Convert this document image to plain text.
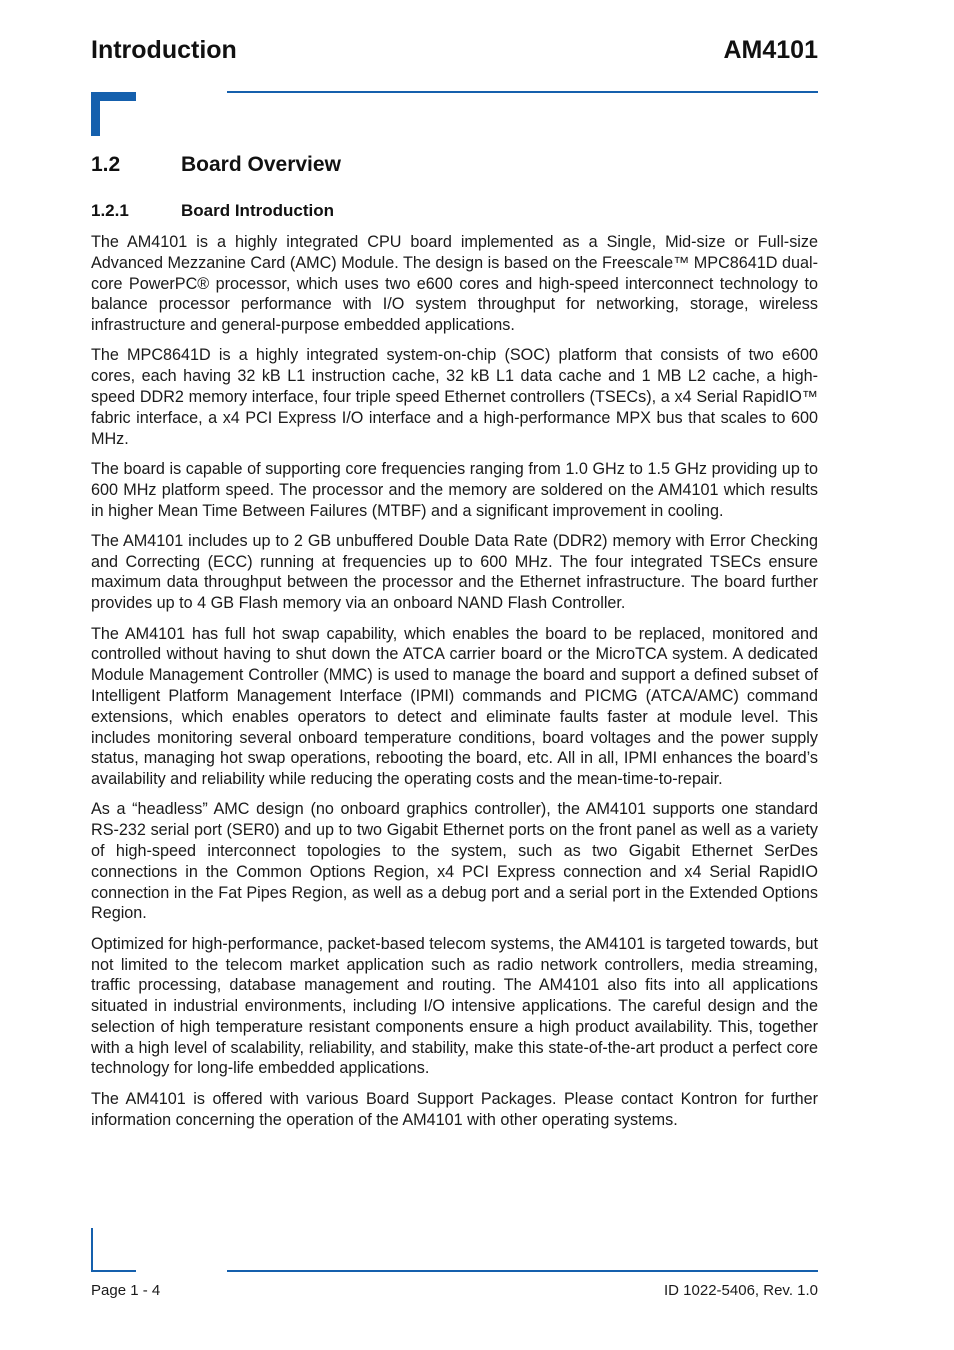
Introduction	AM4101
1.2	Board Overview
1.2.1	Board Introduction

The AM4101 is a highly integrated CPU board implemented as a Single, Mid-size or Full-size Advanced Mezzanine Card (AMC) Module. The design is based on the Freescale™ MPC8641D dual-core PowerPC® processor, which uses two e600 cores and high-speed interconnect technology to balance processor performance with I/O system throughput for networking, storage, wireless infrastructure and general-purpose embedded applications.

The MPC8641D is a highly integrated system-on-chip (SOC) platform that consists of two e600 cores, each having 32 kB L1 instruction cache, 32 kB L1 data cache and 1 MB L2 cache, a high-speed DDR2 memory interface, four triple speed Ethernet controllers (TSECs), a x4 Serial RapidIO™ fabric interface, a x4 PCI Express I/O interface and a high-performance MPX bus that scales to 600 MHz.

The board is capable of supporting core frequencies ranging from 1.0 GHz to 1.5 GHz providing up to 600 MHz platform speed. The processor and the memory are soldered on the AM4101 which results in higher Mean Time Between Failures (MTBF) and a significant improvement in cooling.

The AM4101 includes up to 2 GB unbuffered Double Data Rate (DDR2) memory with Error Checking and Correcting (ECC) running at frequencies up to 600 MHz. The four integrated TSECs ensure maximum data throughput between the processor and the Ethernet infrastructure. The board further provides up to 4 GB Flash memory via an onboard NAND Flash Controller.

The AM4101 has full hot swap capability, which enables the board to be replaced, monitored and controlled without having to shut down the ATCA carrier board or the MicroTCA system. A dedicated Module Management Controller (MMC) is used to manage the board and support a defined subset of Intelligent Platform Management Interface (IPMI) commands and PICMG (ATCA/AMC) command extensions, which enables operators to detect and eliminate faults faster at module level. This includes monitoring several onboard temperature conditions, board voltages and the power supply status, managing hot swap operations, rebooting the board, etc. All in all, IPMI enhances the board’s availability and reliability while reducing the operating costs and the mean-time-to-repair.

As a “headless” AMC design (no onboard graphics controller), the AM4101 supports one standard RS-232 serial port (SER0) and up to two Gigabit Ethernet ports on the front panel as well as a variety of high-speed interconnect topologies to the system, such as two Gigabit Ethernet SerDes connections in the Common Options Region, x4 PCI Express connection and x4 Serial RapidIO connection in the Fat Pipes Region, as well as a debug port and a serial port in the Extended Options Region.

Optimized for high-performance, packet-based telecom systems, the AM4101 is targeted towards, but not limited to the telecom market application such as radio network controllers, media streaming, traffic processing, database management and routing. The AM4101 also fits into all applications situated in industrial environments, including I/O intensive applications. The careful design and the selection of high temperature resistant components ensure a high product availability. This, together with a high level of scalability, reliability, and stability, make this state-of-the-art product a perfect core technology for long-life embedded applications.

The AM4101 is offered with various Board Support Packages. Please contact Kontron for further information concerning the operation of the AM4101 with other operating systems.

Page 1 - 4	ID 1022-5406, Rev. 1.0
